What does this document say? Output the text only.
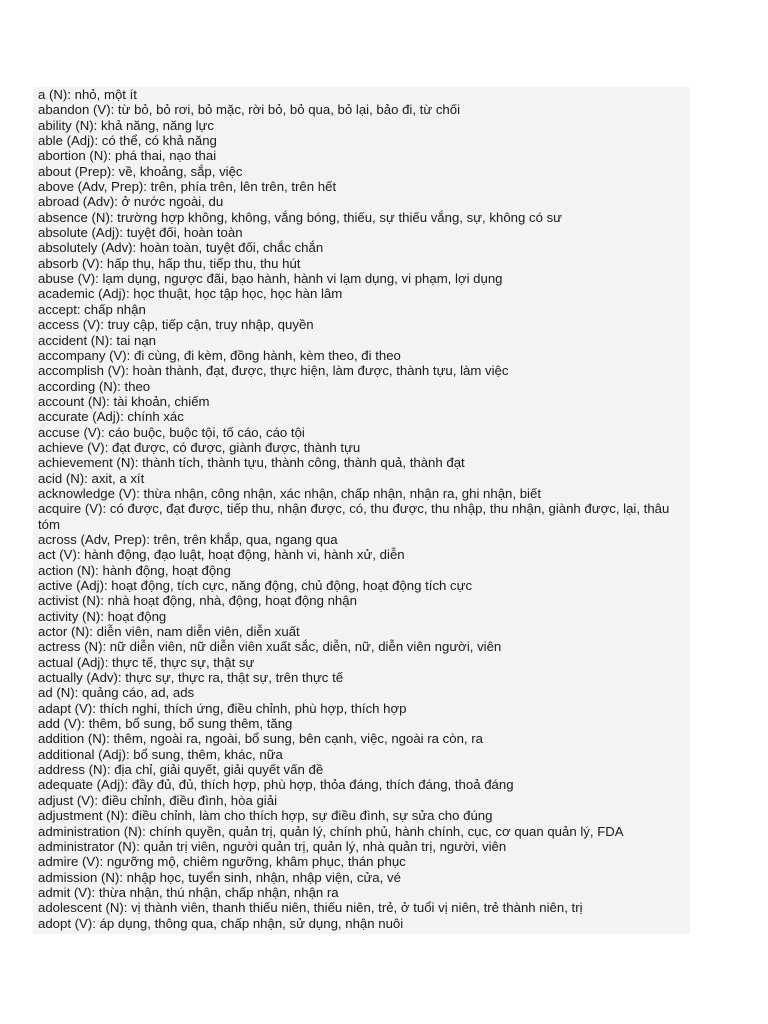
a (N): nhỏ, một ít
abandon (V): từ bỏ, bỏ rơi, bỏ mặc, rời bỏ, bỏ qua, bỏ lại, bảo đi, từ chối
ability (N): khả năng, năng lực
able (Adj): có thể, có khả năng
abortion (N): phá thai, nạo thai
about (Prep): về, khoảng, sắp, việc
above (Adv, Prep): trên, phía trên, lên trên, trên hết
abroad (Adv): ở nước ngoài, du
absence (N): trường hợp không, không, vắng bóng, thiếu, sự thiếu vắng, sự, không có sư
absolute (Adj): tuyệt đối, hoàn toàn
absolutely (Adv): hoàn toàn, tuyệt đối, chắc chắn
absorb (V): hấp thụ, hấp thu, tiếp thu, thu hút
abuse (V): lạm dụng, ngược đãi, bạo hành, hành vi lạm dụng, vi phạm, lợi dụng
academic (Adj): học thuật, học tập học, học hàn lâm
accept: chấp nhận
access (V): truy cập, tiếp cận, truy nhập, quyền
accident (N): tai nạn
accompany (V): đi cùng, đi kèm, đồng hành, kèm theo, đi theo
accomplish (V): hoàn thành, đạt, được, thực hiện, làm được, thành tựu, làm việc
according (N): theo
account (N): tài khoản, chiếm
accurate (Adj): chính xác
accuse (V): cáo buộc, buộc tội, tố cáo, cáo tội
achieve (V): đạt được, có được, giành được, thành tựu
achievement (N): thành tích, thành tựu, thành công, thành quả, thành đạt
acid (N): axit, a xít
acknowledge (V): thừa nhận, công nhận, xác nhận, chấp nhận, nhận ra, ghi nhận, biết
acquire (V): có được, đạt được, tiếp thu, nhận được, có, thu được, thu nhập, thu nhận, giành được, lại, thâu tóm
across (Adv, Prep): trên, trên khắp, qua, ngang qua
act (V): hành động, đạo luật, hoạt động, hành vi, hành xử, diễn
action (N): hành động, hoạt động
active (Adj): hoạt động, tích cực, năng động, chủ động, hoạt động tích cực
activist (N): nhà hoạt động, nhà, động, hoạt động nhận
activity (N): hoạt động
actor (N): diễn viên, nam diễn viên, diễn xuất
actress (N): nữ diễn viên, nữ diễn viên xuất sắc, diễn, nữ, diễn viên người, viên
actual (Adj): thực tế, thực sự, thật sự
actually (Adv): thực sự, thực ra, thật sự, trên thực tế
ad (N): quảng cáo, ad, ads
adapt (V): thích nghi, thích ứng, điều chỉnh, phù hợp, thích hợp
add (V): thêm, bổ sung, bổ sung thêm, tăng
addition (N): thêm, ngoài ra, ngoài, bổ sung, bên cạnh, việc, ngoài ra còn, ra
additional (Adj): bổ sung, thêm, khác, nữa
address (N): địa chỉ, giải quyết, giải quyết vấn đề
adequate (Adj): đầy đủ, đủ, thích hợp, phù hợp, thỏa đáng, thích đáng, thoả đáng
adjust (V): điều chỉnh, điều đình, hòa giải
adjustment (N): điều chỉnh, làm cho thích hợp, sự điều đình, sự sửa cho đúng
administration (N): chính quyền, quản trị, quản lý, chính phủ, hành chính, cục, cơ quan quản lý, FDA
administrator (N): quản trị viên, người quản trị, quản lý, nhà quản trị, người, viên
admire (V): ngưỡng mộ, chiêm ngưỡng, khâm phục, thán phục
admission (N): nhập học, tuyển sinh, nhận, nhập viện, cửa, vé
admit (V): thừa nhận, thú nhận, chấp nhận, nhận ra
adolescent (N): vị thành viên, thanh thiếu niên, thiếu niên, trẻ, ở tuổi vị niên, trẻ thành niên, trị
adopt (V): áp dụng, thông qua, chấp nhận, sử dụng, nhận nuôi
